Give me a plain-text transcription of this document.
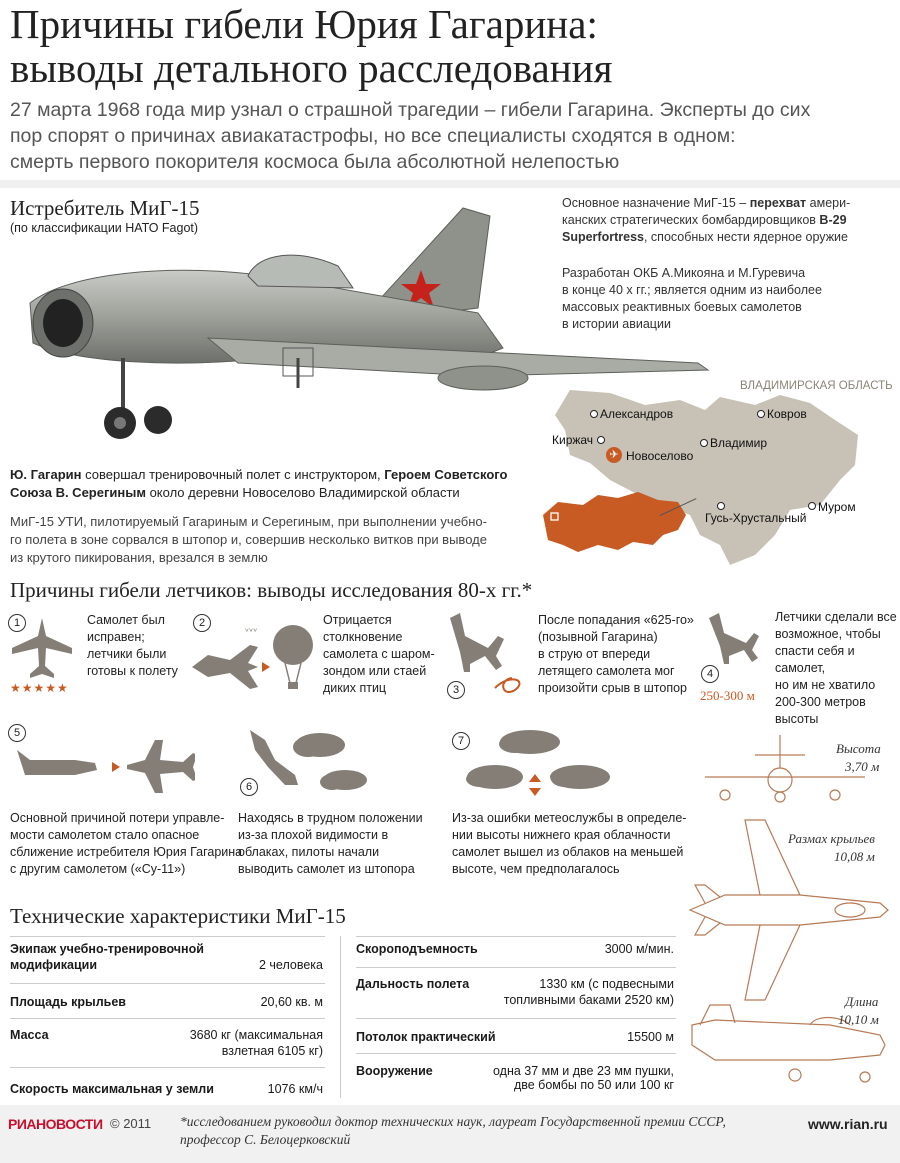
Причины гибели Юрия Гагарина:
выводы детального расследования
27 марта 1968 года мир узнал о страшной трагедии – гибели Гагарина. Эксперты до сих
пор спорят о причинах авиакатастрофы, но все специалисты сходятся в одном:
смерть первого покорителя космоса была абсолютной нелепостью
Истребитель МиГ-15
(по классификации НАТО Fagot)
Основное назначение МиГ-15 – перехват амери-
канских стратегических бомбардировщиков B-29
Superfortress, способных нести ядерное оружие
Разработан ОКБ А.Микояна и М.Гуревича
в конце 40 х гг.; является одним из наиболее
массовых реактивных боевых самолетов
в истории авиации
ВЛАДИМИРСКАЯ ОБЛАСТЬ
Александров	Ковров
Киржач	Владимир
✈ Новоселово
Гусь-Хрустальный
Муром
Ю. Гагарин совершал тренировочный полет с инструктором, Героем Советского
Союза В. Серегиным около деревни Новоселово Владимирской области
МиГ-15 УТИ, пилотируемый Гагариным и Серегиным, при выполнении учебно-
го полета в зоне сорвался в штопор и, совершив несколько витков при выводе
из крутого пикирования, врезался в землю
Причины гибели летчиков: выводы исследования 80-х гг.*
1
★★★★★
Самолет был
исправен;
летчики были
готовы к полету
2
ᵛᵛᵛ
Отрицается
столкновение
самолета с шаром-
зондом или стаей
диких птиц	3
После попадания «625-го»
(позывной Гагарина)
в струю от впереди
летящего самолета мог
произойти срыв в штопор
4
250-300 м
Летчики сделали все
возможное, чтобы
спасти себя и самолет,
но им не хватило
200-300 метров
высоты
5
Основной причиной потери управле-
мости самолетом стало опасное
сближение истребителя Юрия Гагарина
с другим самолетом («Су-11»)
6
Находясь в трудном положении
из-за плохой видимости в
облаках, пилоты начали
выводить самолет из штопора
7
Из-за ошибки метеослужбы в определе-
нии высоты нижнего края облачности
самолет вышел из облаков на меньшей
высоте, чем предполагалось
Высота
3,70 м
Размах крыльев
10,08 м
Длина
10,10 м
Технические характеристики МиГ-15
Экипаж учебно-тренировочной
модификации	2 человека
Площадь крыльев	20,60 кв. м
Масса	3680 кг (максимальная
взлетная 6105 кг)
Скорость максимальная у земли	1076 км/ч
Скороподъемность	3000 м/мин.
Дальность полета	1330 км (с подвесными
топливными баками 2520 км)
Потолок практический	15500 м
Вооружение	одна 37 мм и две 23 мм пушки,
две бомбы по 50 или 100 кг
РИАНОВОСТИ © 2011 *исследованием руководил доктор технических наук, лауреат Государственной премии СССР,
профессор С. Белоцерковский
www.rian.ru
